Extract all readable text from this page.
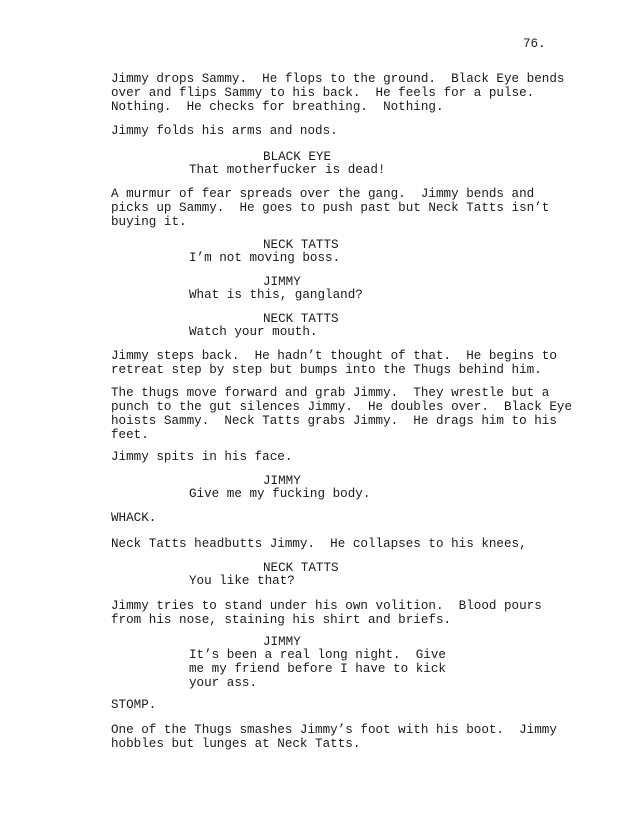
76.
Jimmy drops Sammy.  He flops to the ground.  Black Eye bends
over and flips Sammy to his back.  He feels for a pulse.
Nothing.  He checks for breathing.  Nothing.
Jimmy folds his arms and nods.
BLACK EYE
That motherfucker is dead!
A murmur of fear spreads over the gang.  Jimmy bends and
picks up Sammy.  He goes to push past but Neck Tatts isn’t
buying it.
NECK TATTS
I’m not moving boss.
JIMMY
What is this, gangland?
NECK TATTS
Watch your mouth.
Jimmy steps back.  He hadn’t thought of that.  He begins to
retreat step by step but bumps into the Thugs behind him.
The thugs move forward and grab Jimmy.  They wrestle but a
punch to the gut silences Jimmy.  He doubles over.  Black Eye
hoists Sammy.  Neck Tatts grabs Jimmy.  He drags him to his
feet.
Jimmy spits in his face.
JIMMY
Give me my fucking body.
WHACK.
Neck Tatts headbutts Jimmy.  He collapses to his knees,
NECK TATTS
You like that?
Jimmy tries to stand under his own volition.  Blood pours
from his nose, staining his shirt and briefs.
JIMMY
It’s been a real long night.  Give
me my friend before I have to kick
your ass.
STOMP.
One of the Thugs smashes Jimmy’s foot with his boot.  Jimmy
hobbles but lunges at Neck Tatts.
